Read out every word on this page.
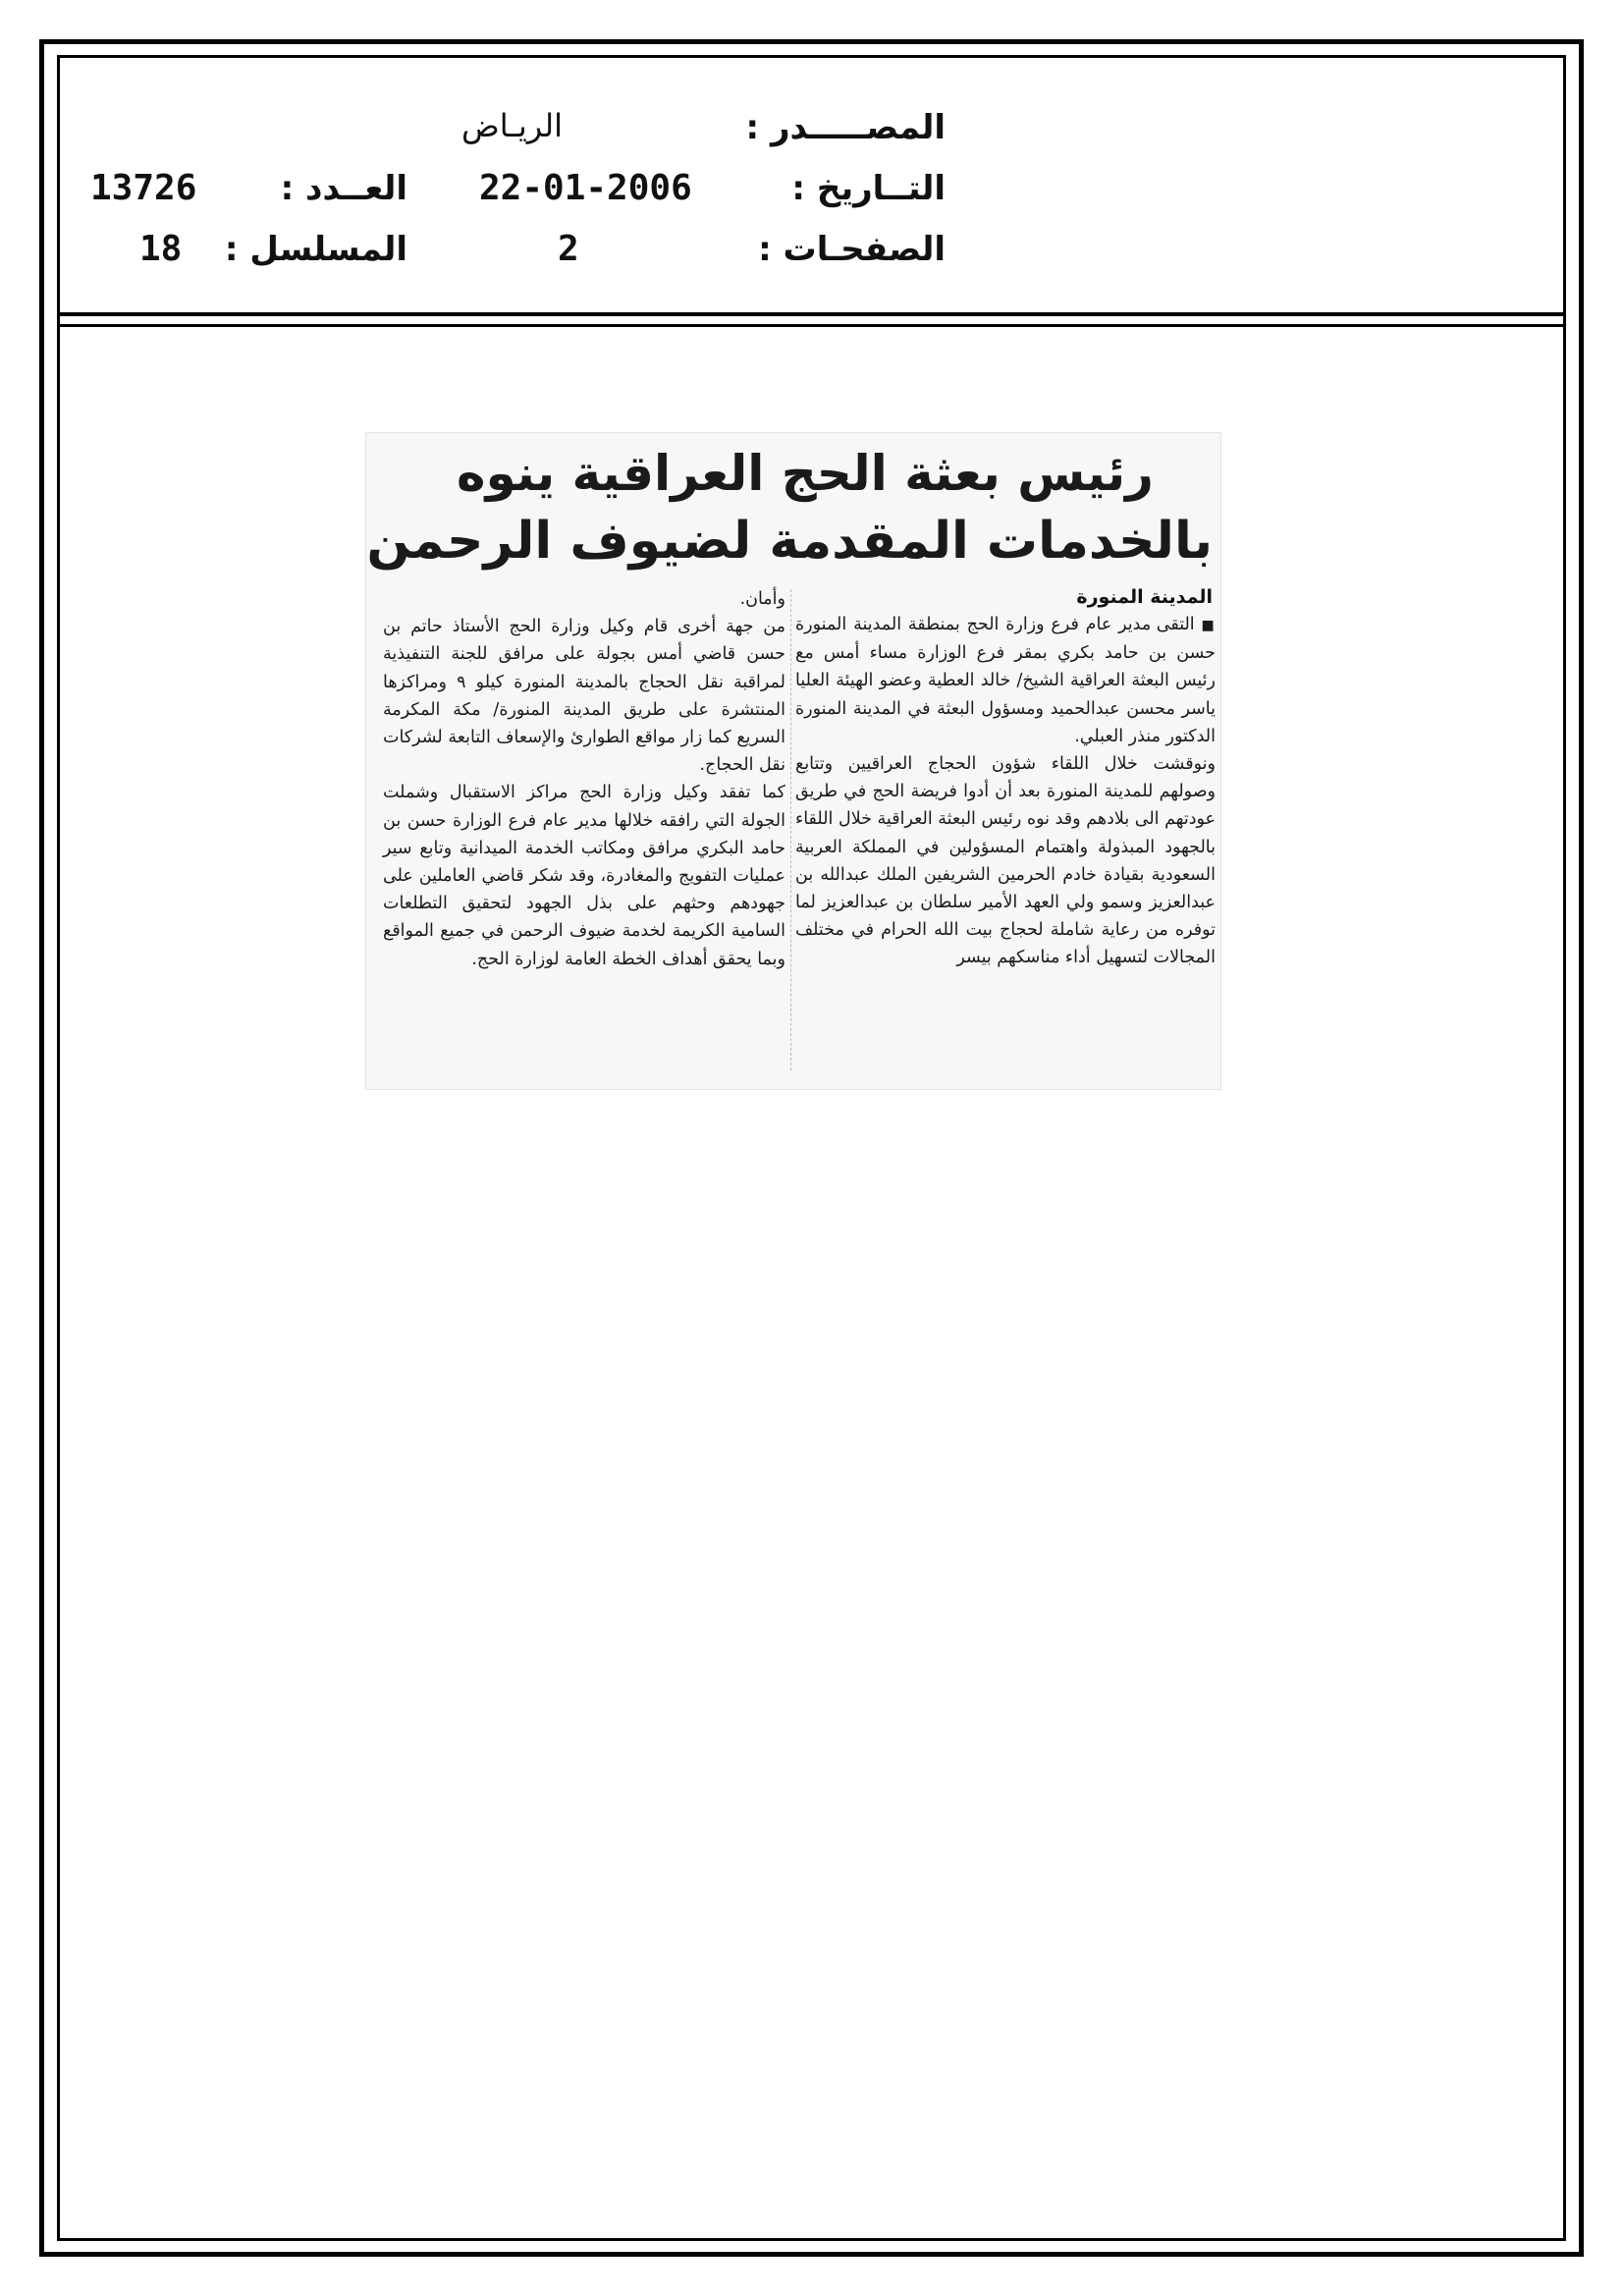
المصـــــدر :
الريـاض
التــاريخ :
22-01-2006
العــدد :
13726
الصفحـات :
2
المسلسل :
18
رئيس بعثة الحج العراقية ينوه
بالخدمات المقدمة لضيوف الرحمن
المدينة المنورة

■ التقى مدير عام فرع وزارة الحج بمنطقة المدينة المنورة حسن بن حامد بكري بمقر فرع الوزارة مساء أمس مع رئيس البعثة العراقية الشيخ/ خالد العطية وعضو الهيئة العليا ياسر محسن عبدالحميد ومسؤول البعثة في المدينة المنورة الدكتور منذر العبلي.

ونوقشت خلال اللقاء شؤون الحجاج العراقيين وتتابع وصولهم للمدينة المنورة بعد أن أدوا فريضة الحج في طريق عودتهم الى بلادهم وقد نوه رئيس البعثة العراقية خلال اللقاء بالجهود المبذولة واهتمام المسؤولين في المملكة العربية السعودية بقيادة خادم الحرمين الشريفين الملك عبدالله بن عبدالعزيز وسمو ولي العهد الأمير سلطان بن عبدالعزيز لما توفره من رعاية شاملة لحجاج بيت الله الحرام في مختلف المجالات لتسهيل أداء مناسكهم بيسر

وأمان.

من جهة أخرى قام وكيل وزارة الحج الأستاذ حاتم بن حسن قاضي أمس بجولة على مرافق للجنة التنفيذية لمراقبة نقل الحجاج بالمدينة المنورة كيلو ٩ ومراكزها المنتشرة على طريق المدينة المنورة/ مكة المكرمة السريع كما زار مواقع الطوارئ والإسعاف التابعة لشركات نقل الحجاج.

كما تفقد وكيل وزارة الحج مراكز الاستقبال وشملت الجولة التي رافقه خلالها مدير عام فرع الوزارة حسن بن حامد البكري مرافق ومكاتب الخدمة الميدانية وتابع سير عمليات التفويج والمغادرة، وقد شكر قاضي العاملين على جهودهم وحثهم على بذل الجهود لتحقيق التطلعات السامية الكريمة لخدمة ضيوف الرحمن في جميع المواقع وبما يحقق أهداف الخطة العامة لوزارة الحج.
